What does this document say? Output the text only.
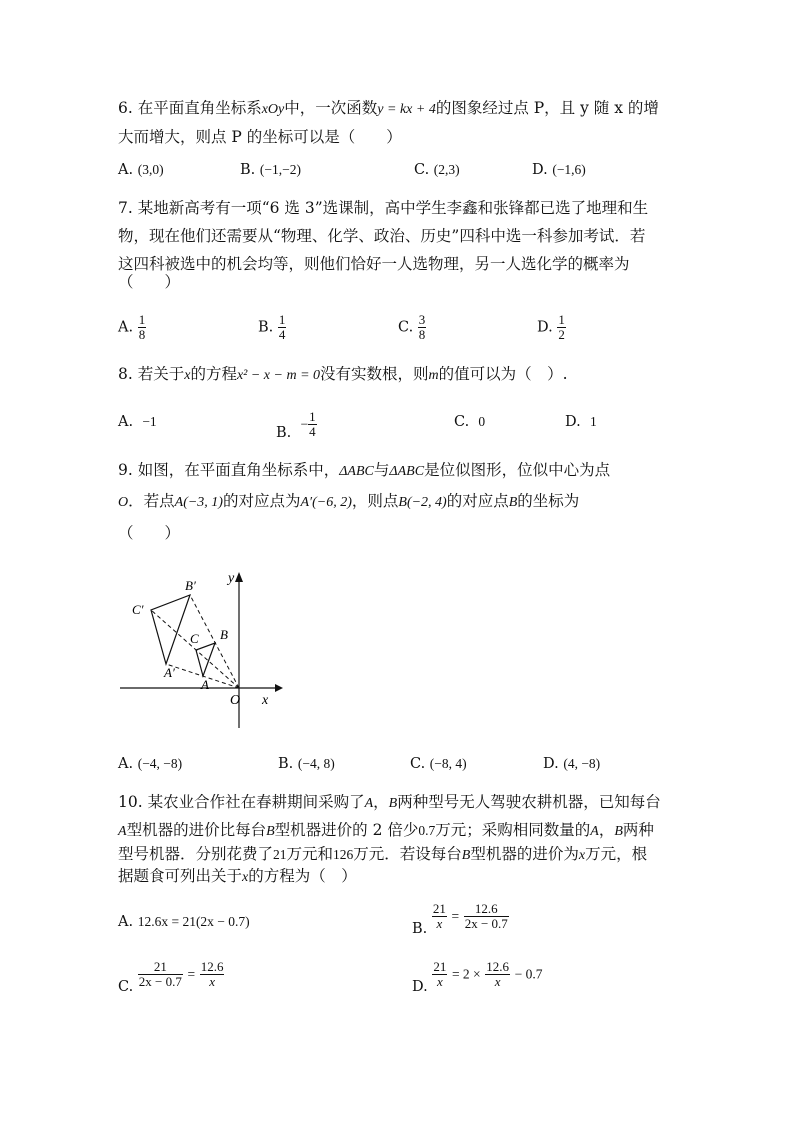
6. 在平面直角坐标系xOy中，一次函数y = kx + 4的图象经过点 P，且 y 随 x 的增
大而增大，则点 P 的坐标可以是（　　）
A. (3,0)	B. (−1,−2)	C. (2,3)	D. (−1,6)
7. 某地新高考有一项“6 选 3”选课制，高中学生李鑫和张锋都已选了地理和生
物，现在他们还需要从“物理、化学、政治、历史”四科中选一科参加考试．若
这四科被选中的机会均等，则他们恰好一人选物理，另一人选化学的概率为
（　　）
A. $\frac{1}{8}$	B. $\frac{1}{4}$	C. $\frac{3}{8}$	D. $\frac{1}{2}$
8. 若关于x的方程x² − x − m = 0没有实数根，则m的值可以为（　）.
A. −1
B.  − $\frac{1}{4}$	C. 0	D. 1
9. 如图，在平面直角坐标系中，ΔABC与ΔABC是位似图形，位似中心为点
O．若点A(−3, 1)的对应点为A′(−6, 2)，则点B(−2, 4)的对应点B的坐标为
（　　）
y
x
O
A
B
C
A′
B′
C′
A. (−4, −8)	B. (−4, 8)	C. (−8, 4)	D. (4, −8)
10. 某农业合作社在春耕期间采购了A，B两种型号无人驾驶农耕机器，已知每台
A型机器的进价比每台B型机器进价的 2 倍少0.7万元；采购相同数量的A，B两种
型号机器．分别花费了21万元和126万元．若设每台B型机器的进价为x万元，根
据题食可列出关于x的方程为（　）
A. 12.6x = 21(2x − 0.7)	B. $\frac{21}{x} = \frac{12.6}{2x - 0.7}$
C. $\frac{21}{2x - 0.7} = \frac{12.6}{x}$	D. $\frac{21}{x} = 2 \times \frac{12.6}{x} - 0.7$
